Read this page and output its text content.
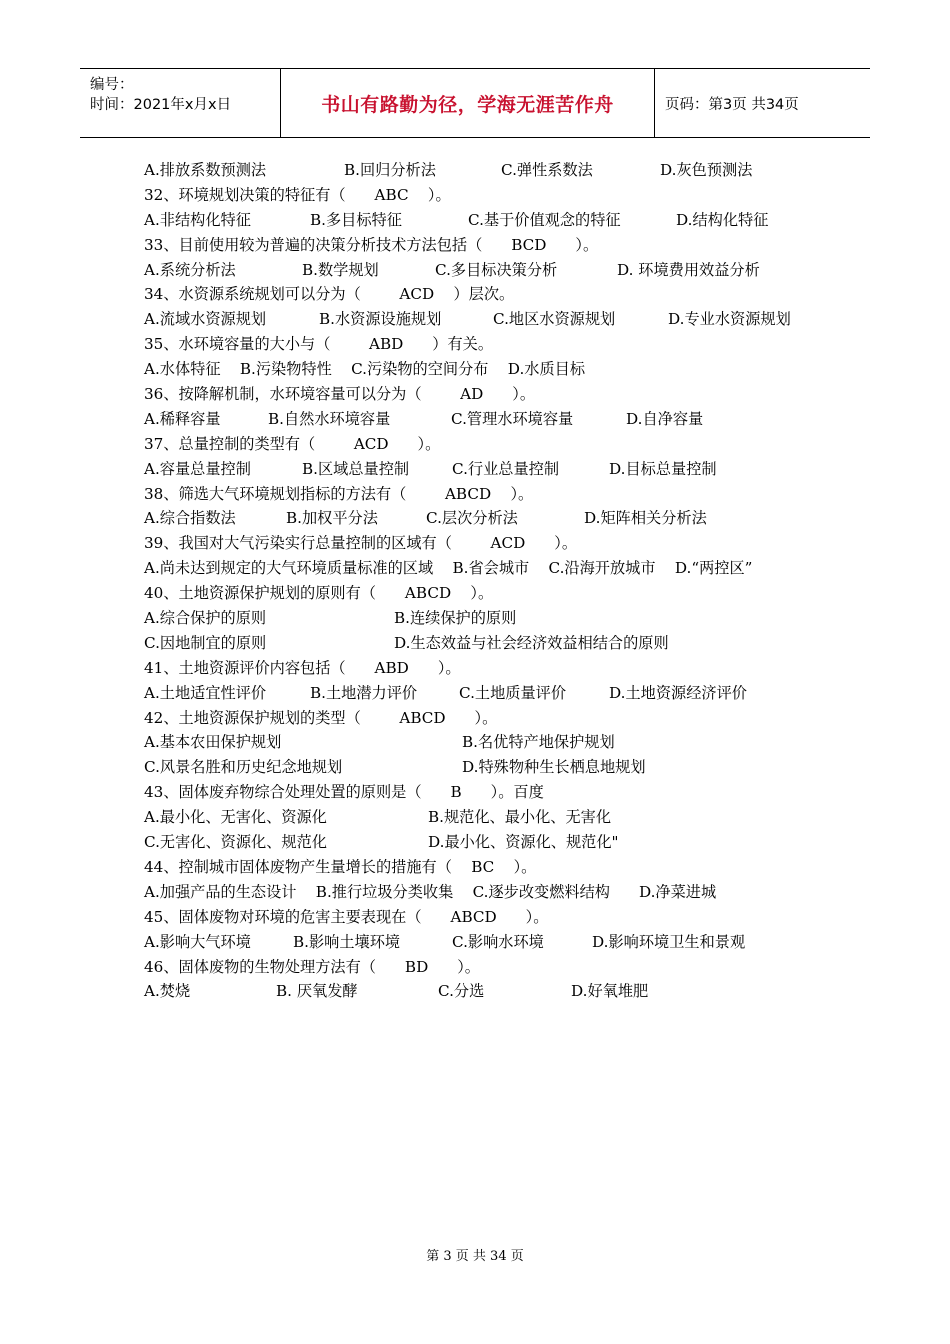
编号：
时间：2021年x月x日	书山有路勤为径，学海无涯苦作舟	页码：第3页 共34页
A.排放系数预测法	B.回归分析法	C.弹性系数法	D.灰色预测法
32、环境规划决策的特征有（      ABC    ）。
A.非结构化特征	B.多目标特征	C.基于价值观念的特征	D.结构化特征
33、目前使用较为普遍的决策分析技术方法包括（      BCD      ）。
A.系统分析法	B.数学规划	C.多目标决策分析	D. 环境费用效益分析
34、水资源系统规划可以分为（        ACD    ）层次。
A.流域水资源规划	B.水资源设施规划	C.地区水资源规划	D.专业水资源规划
35、水环境容量的大小与（        ABD      ）有关。
A.水体特征    B.污染物特性    C.污染物的空间分布    D.水质目标
36、按降解机制，水环境容量可以分为（        AD      ）。
A.稀释容量	B.自然水环境容量	C.管理水环境容量	D.自净容量
37、总量控制的类型有（        ACD      ）。
A.容量总量控制	B.区域总量控制	C.行业总量控制	D.目标总量控制
38、筛选大气环境规划指标的方法有（        ABCD    ）。
A.综合指数法	B.加权平分法	C.层次分析法	D.矩阵相关分析法
39、我国对大气污染实行总量控制的区域有（        ACD      ）。
A.尚未达到规定的大气环境质量标准的区域    B.省会城市    C.沿海开放城市    D.“两控区”
40、土地资源保护规划的原则有（      ABCD    ）。
A.综合保护的原则	B.连续保护的原则
C.因地制宜的原则	D.生态效益与社会经济效益相结合的原则
41、土地资源评价内容包括（      ABD      ）。
A.土地适宜性评价	B.土地潜力评价	C.土地质量评价	D.土地资源经济评价
42、土地资源保护规划的类型（        ABCD      ）。
A.基本农田保护规划	B.名优特产地保护规划
C.风景名胜和历史纪念地规划	D.特殊物种生长栖息地规划
43、固体废弃物综合处理处置的原则是（      B      ）。百度
A.最小化、无害化、资源化	B.规范化、最小化、无害化
C.无害化、资源化、规范化	D.最小化、资源化、规范化"
44、控制城市固体废物产生量增长的措施有（    BC    ）。
A.加强产品的生态设计    B.推行垃圾分类收集    C.逐步改变燃料结构      D.净菜进城
45、固体废物对环境的危害主要表现在（      ABCD      ）。
A.影响大气环境	B.影响土壤环境	C.影响水环境	D.影响环境卫生和景观
46、固体废物的生物处理方法有（      BD      ）。
A.焚烧	B. 厌氧发酵	C.分选	D.好氧堆肥
第 3 页 共 34 页
